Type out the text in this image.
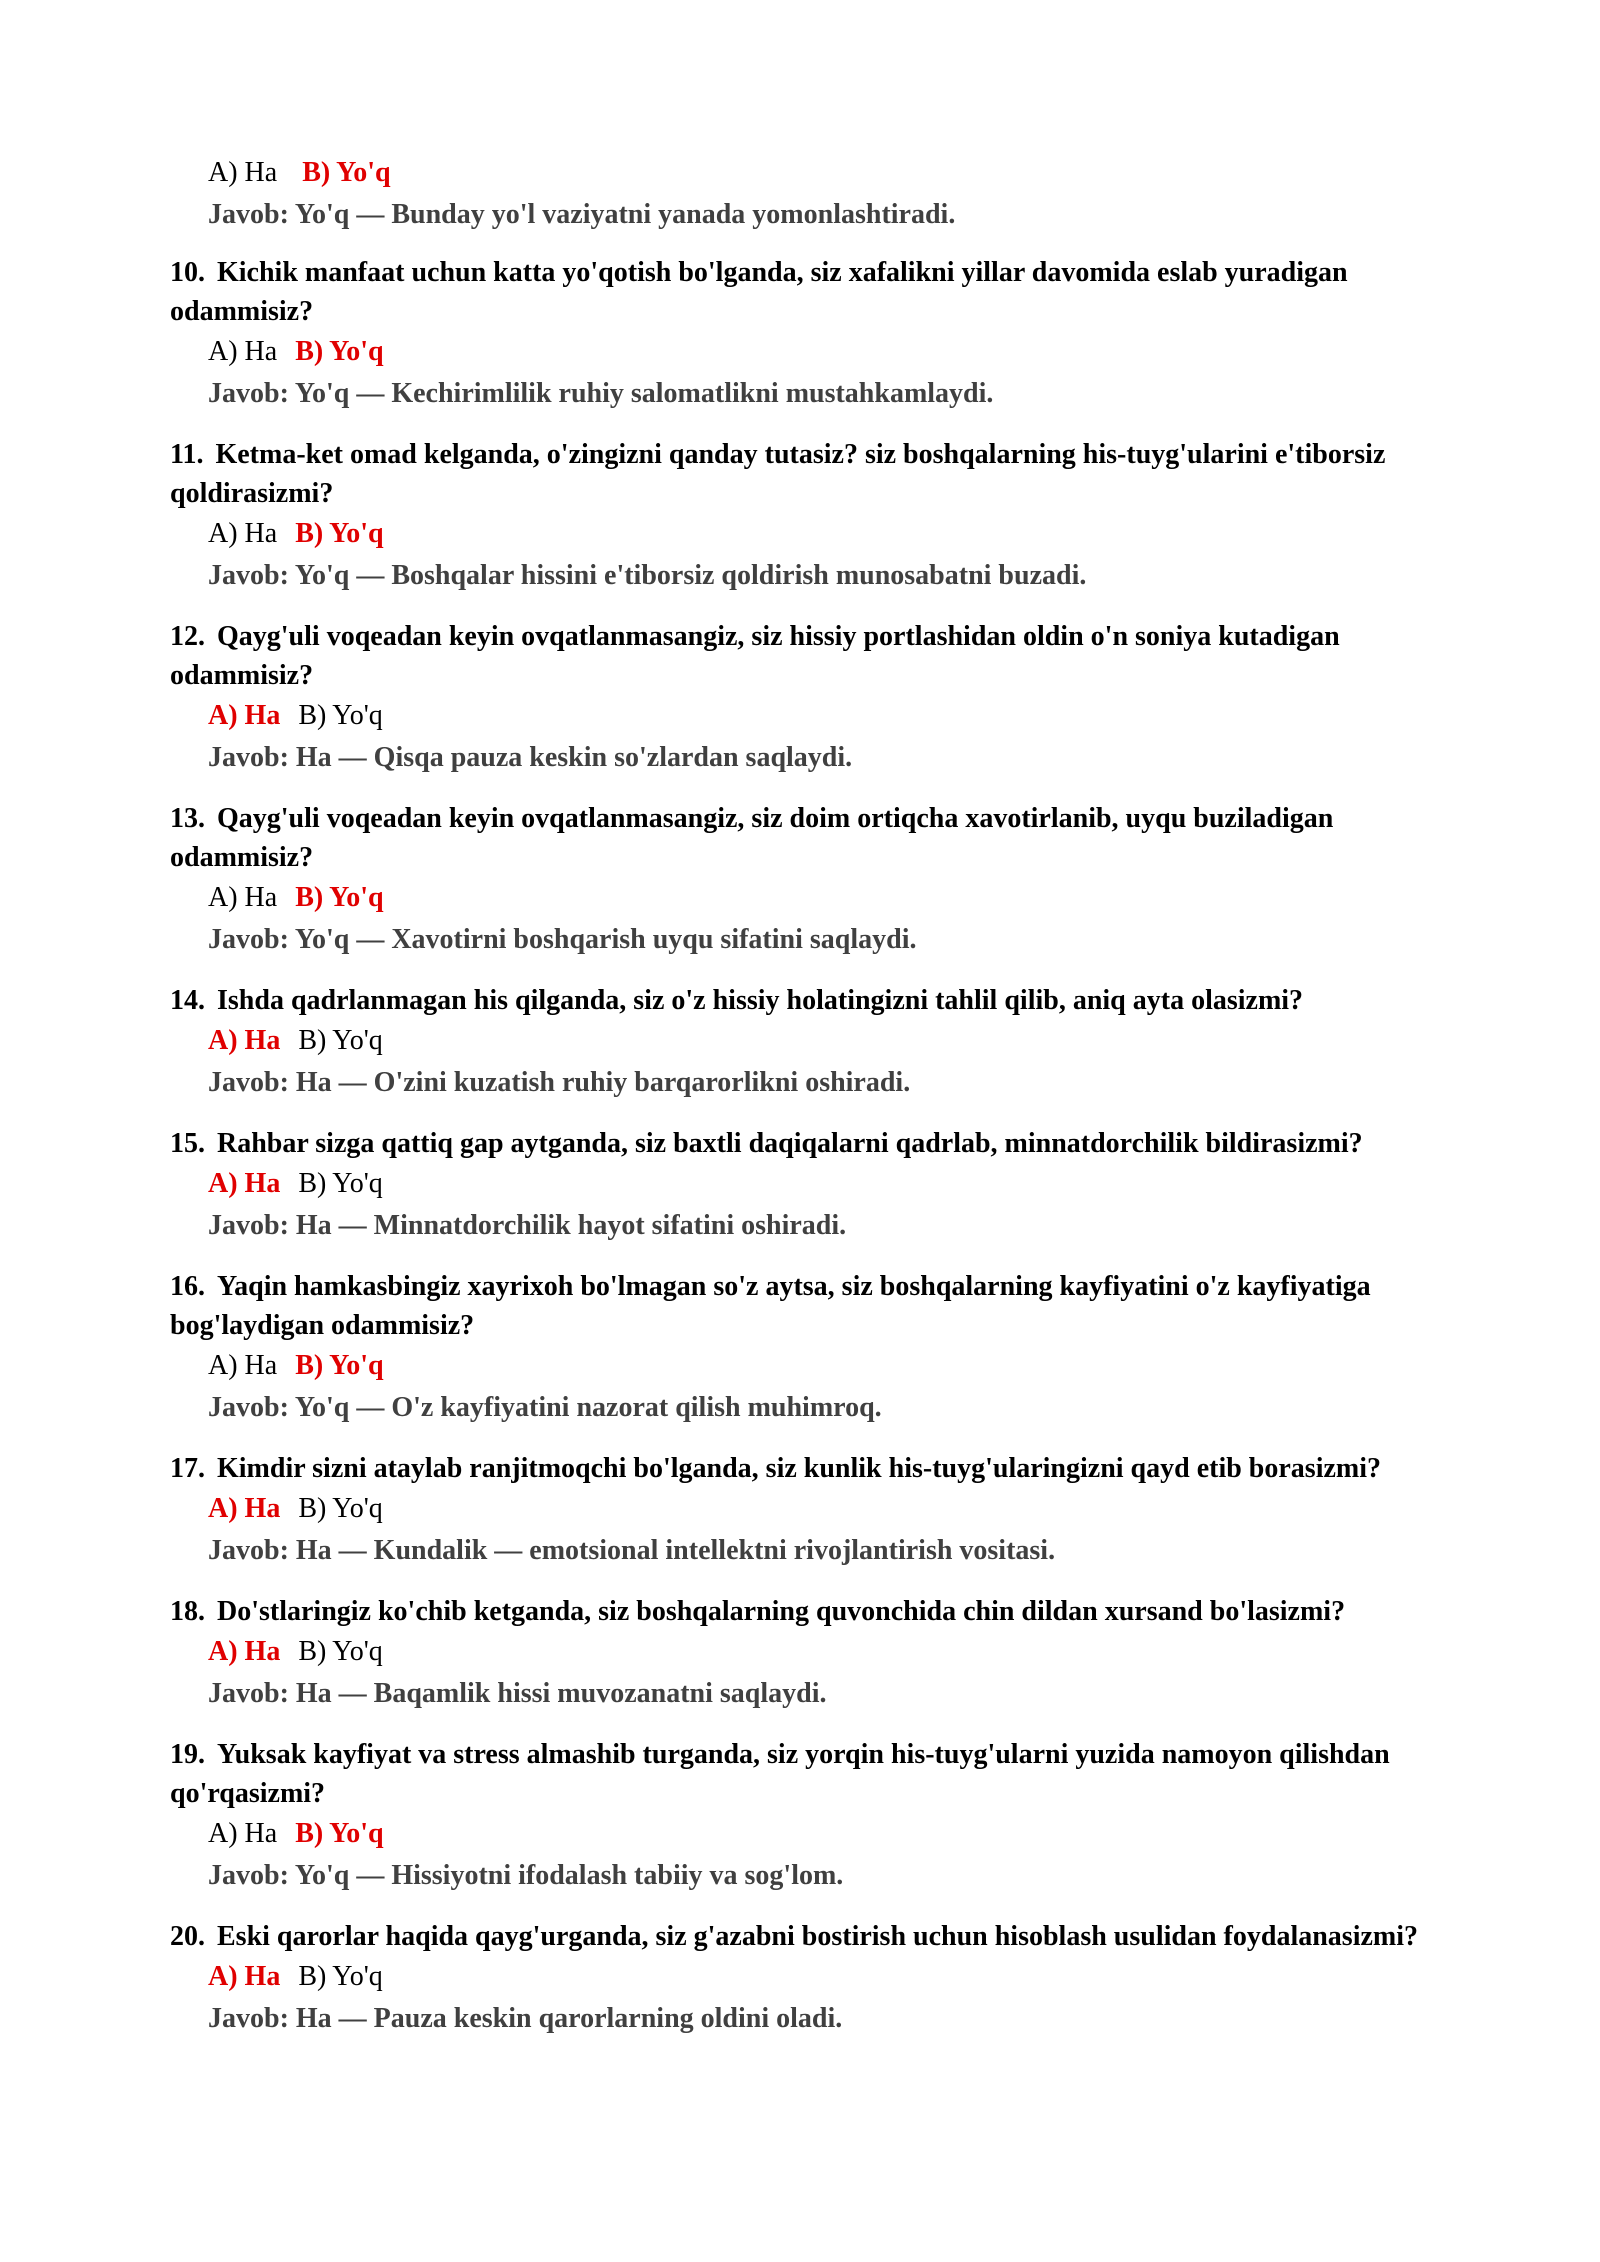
A) Ha B) Yo'q
Javob: Yo'q — Bunday yo'l vaziyatni yanada yomonlashtiradi.

10. Kichik manfaat uchun katta yo'qotish bo'lganda, siz xafalikni yillar davomida eslab yuradigan odammisiz?

A) Ha B) Yo'q
Javob: Yo'q — Kechirimlilik ruhiy salomatlikni mustahkamlaydi.

11. Ketma-ket omad kelganda, o'zingizni qanday tutasiz? siz boshqalarning his-tuyg'ularini e'tiborsiz qoldirasizmi?

A) Ha B) Yo'q
Javob: Yo'q — Boshqalar hissini e'tiborsiz qoldirish munosabatni buzadi.

12. Qayg'uli voqeadan keyin ovqatlanmasangiz, siz hissiy portlashidan oldin o'n soniya kutadigan odammisiz?

A) Ha B) Yo'q
Javob: Ha — Qisqa pauza keskin so'zlardan saqlaydi.

13. Qayg'uli voqeadan keyin ovqatlanmasangiz, siz doim ortiqcha xavotirlanib, uyqu buziladigan odammisiz?

A) Ha B) Yo'q
Javob: Yo'q — Xavotirni boshqarish uyqu sifatini saqlaydi.

14. Ishda qadrlanmagan his qilganda, siz o'z hissiy holatingizni tahlil qilib, aniq ayta olasizmi?

A) Ha B) Yo'q
Javob: Ha — O'zini kuzatish ruhiy barqarorlikni oshiradi.

15. Rahbar sizga qattiq gap aytganda, siz baxtli daqiqalarni qadrlab, minnatdorchilik bildirasizmi?

A) Ha B) Yo'q
Javob: Ha — Minnatdorchilik hayot sifatini oshiradi.

16. Yaqin hamkasbingiz xayrixoh bo'lmagan so'z aytsa, siz boshqalarning kayfiyatini o'z kayfiyatiga bog'laydigan odammisiz?

A) Ha B) Yo'q
Javob: Yo'q — O'z kayfiyatini nazorat qilish muhimroq.

17. Kimdir sizni ataylab ranjitmoqchi bo'lganda, siz kunlik his-tuyg'ularingizni qayd etib borasizmi?

A) Ha B) Yo'q
Javob: Ha — Kundalik — emotsional intellektni rivojlantirish vositasi.

18. Do'stlaringiz ko'chib ketganda, siz boshqalarning quvonchida chin dildan xursand bo'lasizmi?

A) Ha B) Yo'q
Javob: Ha — Baqamlik hissi muvozanatni saqlaydi.

19. Yuksak kayfiyat va stress almashib turganda, siz yorqin his-tuyg'ularni yuzida namoyon qilishdan qo'rqasizmi?

A) Ha B) Yo'q
Javob: Yo'q — Hissiyotni ifodalash tabiiy va sog'lom.

20. Eski qarorlar haqida qayg'urganda, siz g'azabni bostirish uchun hisoblash usulidan foydalanasizmi?

A) Ha B) Yo'q
Javob: Ha — Pauza keskin qarorlarning oldini oladi.
